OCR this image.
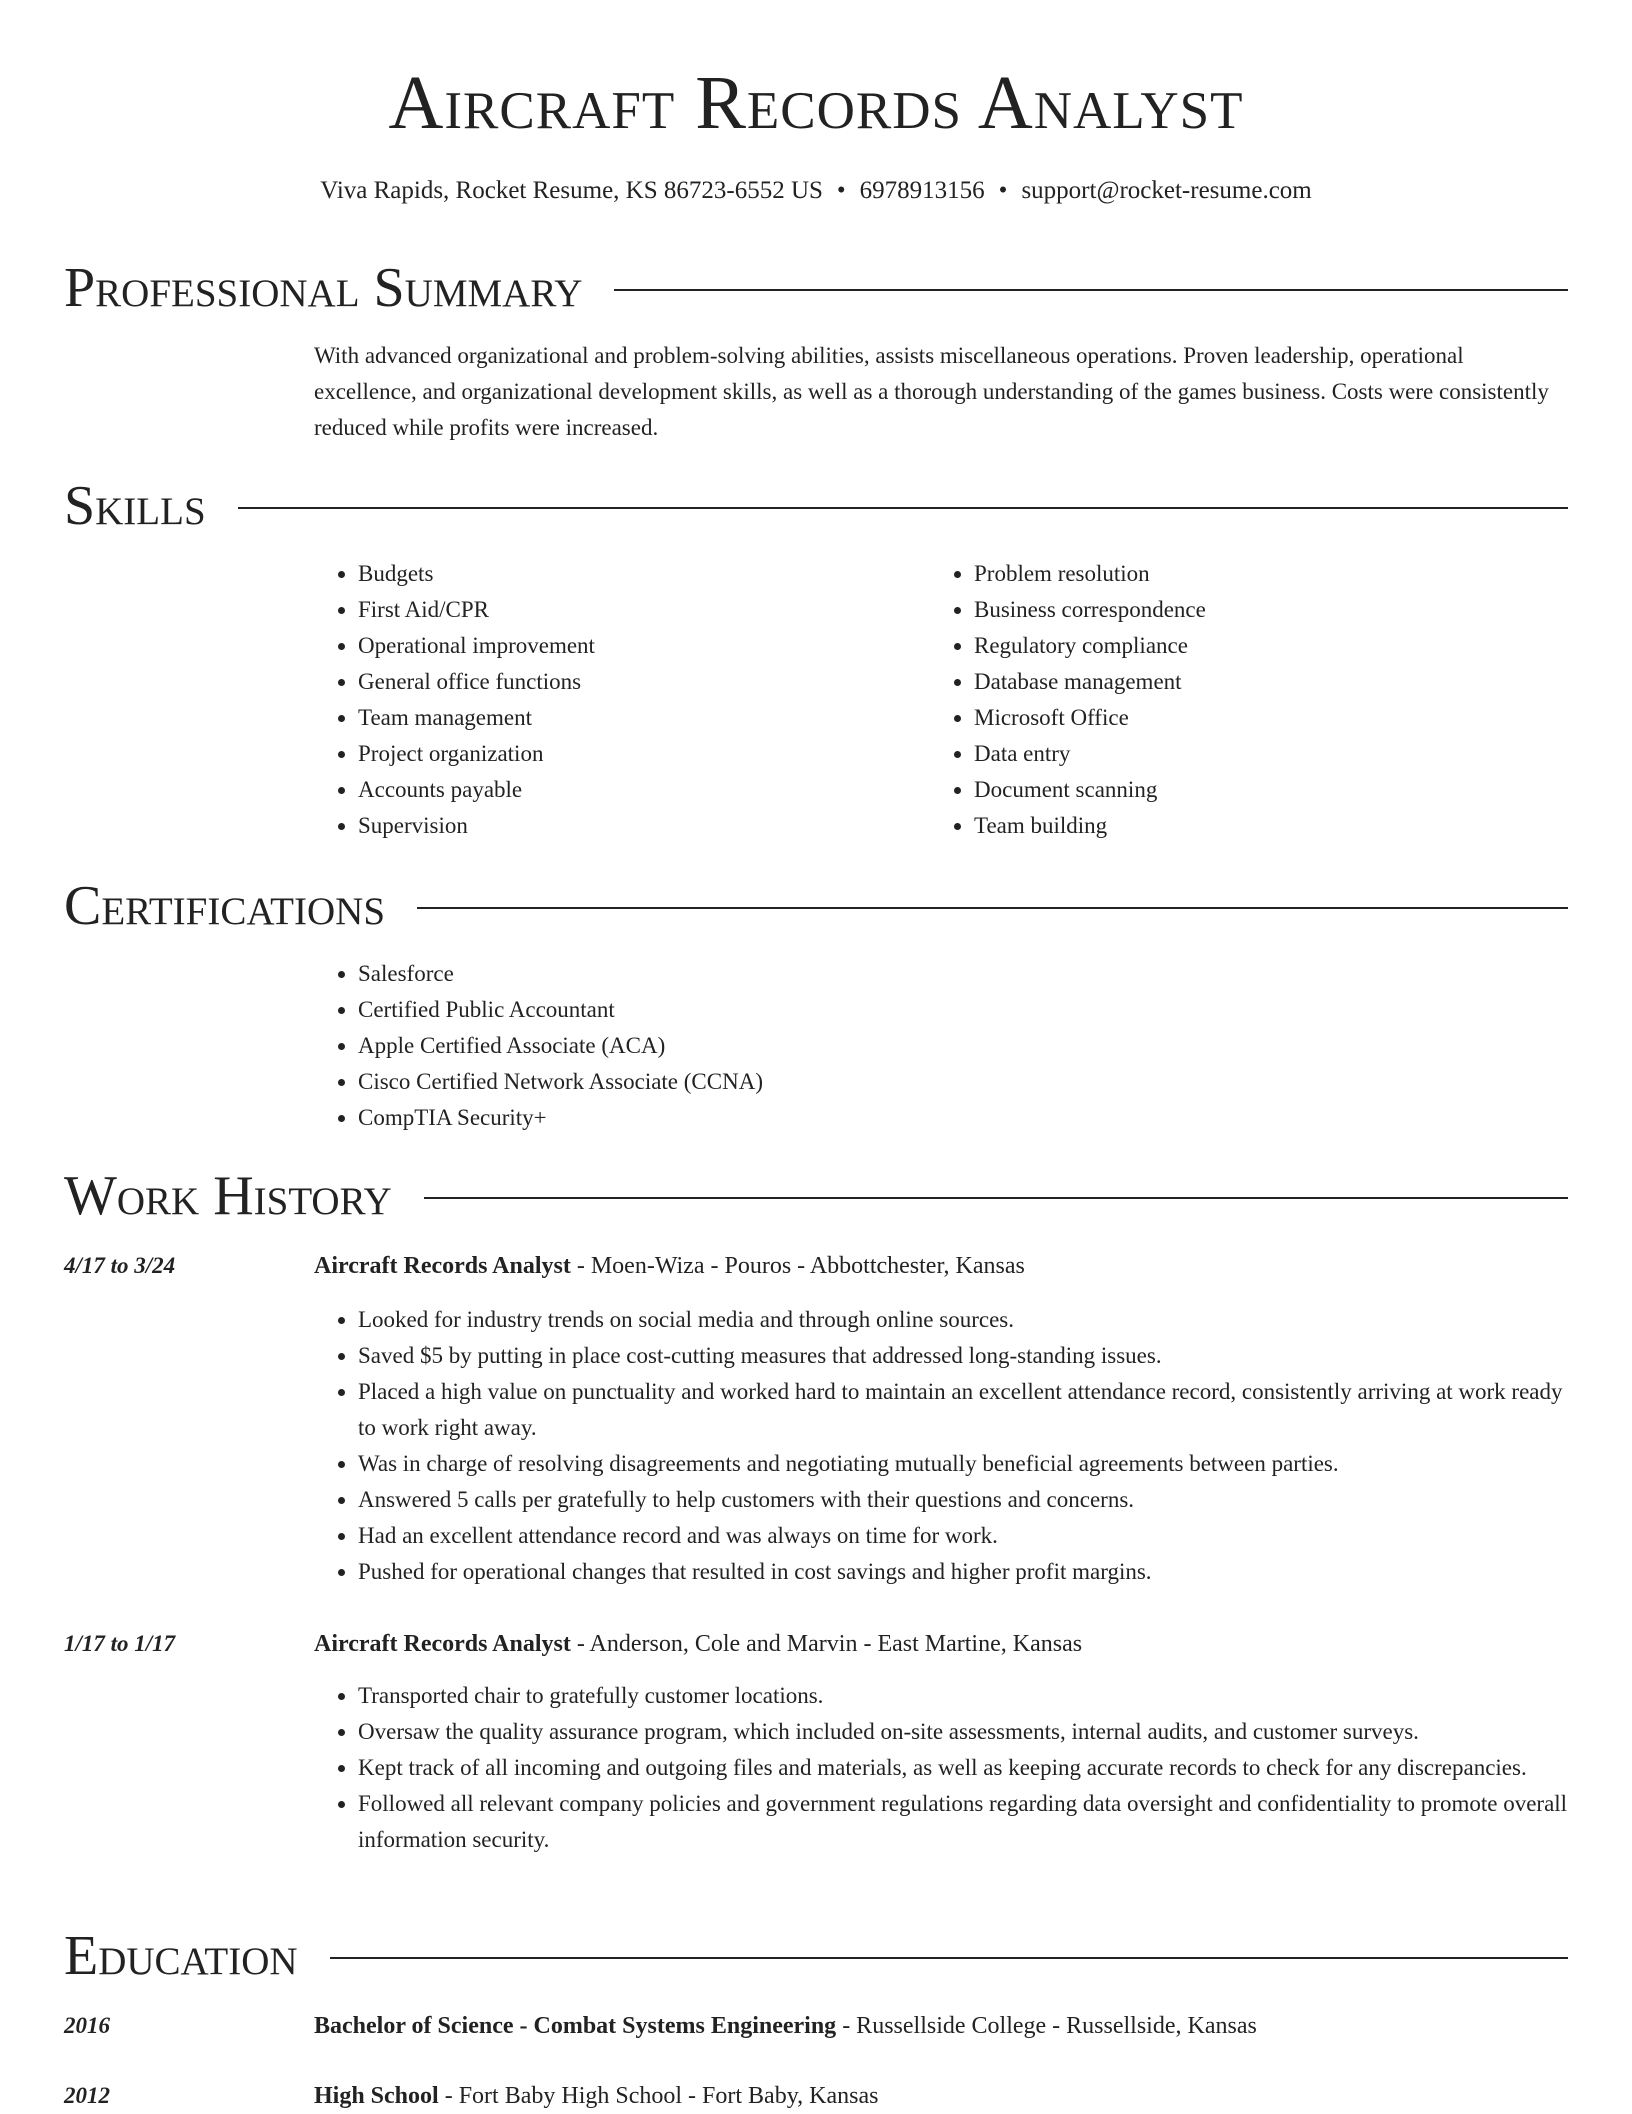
Aircraft Records Analyst
Viva Rapids, Rocket Resume, KS 86723-6552 US • 6978913156 • support@rocket-resume.com
Professional Summary
With advanced organizational and problem-solving abilities, assists miscellaneous operations. Proven leadership, operational excellence, and organizational development skills, as well as a thorough understanding of the games business. Costs were consistently reduced while profits were increased.
Skills
• Budgets
• First Aid/CPR
• Operational improvement
• General office functions
• Team management
• Project organization
• Accounts payable
• Supervision
• Problem resolution
• Business correspondence
• Regulatory compliance
• Database management
• Microsoft Office
• Data entry
• Document scanning
• Team building
Certifications
• Salesforce
• Certified Public Accountant
• Apple Certified Associate (ACA)
• Cisco Certified Network Associate (CCNA)
• CompTIA Security+
Work History
4/17 to 3/24	Aircraft Records Analyst - Moen-Wiza - Pouros - Abbottchester, Kansas
• Looked for industry trends on social media and through online sources.
• Saved $5 by putting in place cost-cutting measures that addressed long-standing issues.
• Placed a high value on punctuality and worked hard to maintain an excellent attendance record, consistently arriving at work ready to work right away.
• Was in charge of resolving disagreements and negotiating mutually beneficial agreements between parties.
• Answered 5 calls per gratefully to help customers with their questions and concerns.
• Had an excellent attendance record and was always on time for work.
• Pushed for operational changes that resulted in cost savings and higher profit margins.
1/17 to 1/17	Aircraft Records Analyst - Anderson, Cole and Marvin - East Martine, Kansas
• Transported chair to gratefully customer locations.
• Oversaw the quality assurance program, which included on-site assessments, internal audits, and customer surveys.
• Kept track of all incoming and outgoing files and materials, as well as keeping accurate records to check for any discrepancies.
• Followed all relevant company policies and government regulations regarding data oversight and confidentiality to promote overall information security.
Education
2016	Bachelor of Science - Combat Systems Engineering - Russellside College - Russellside, Kansas
2012	High School - Fort Baby High School - Fort Baby, Kansas
